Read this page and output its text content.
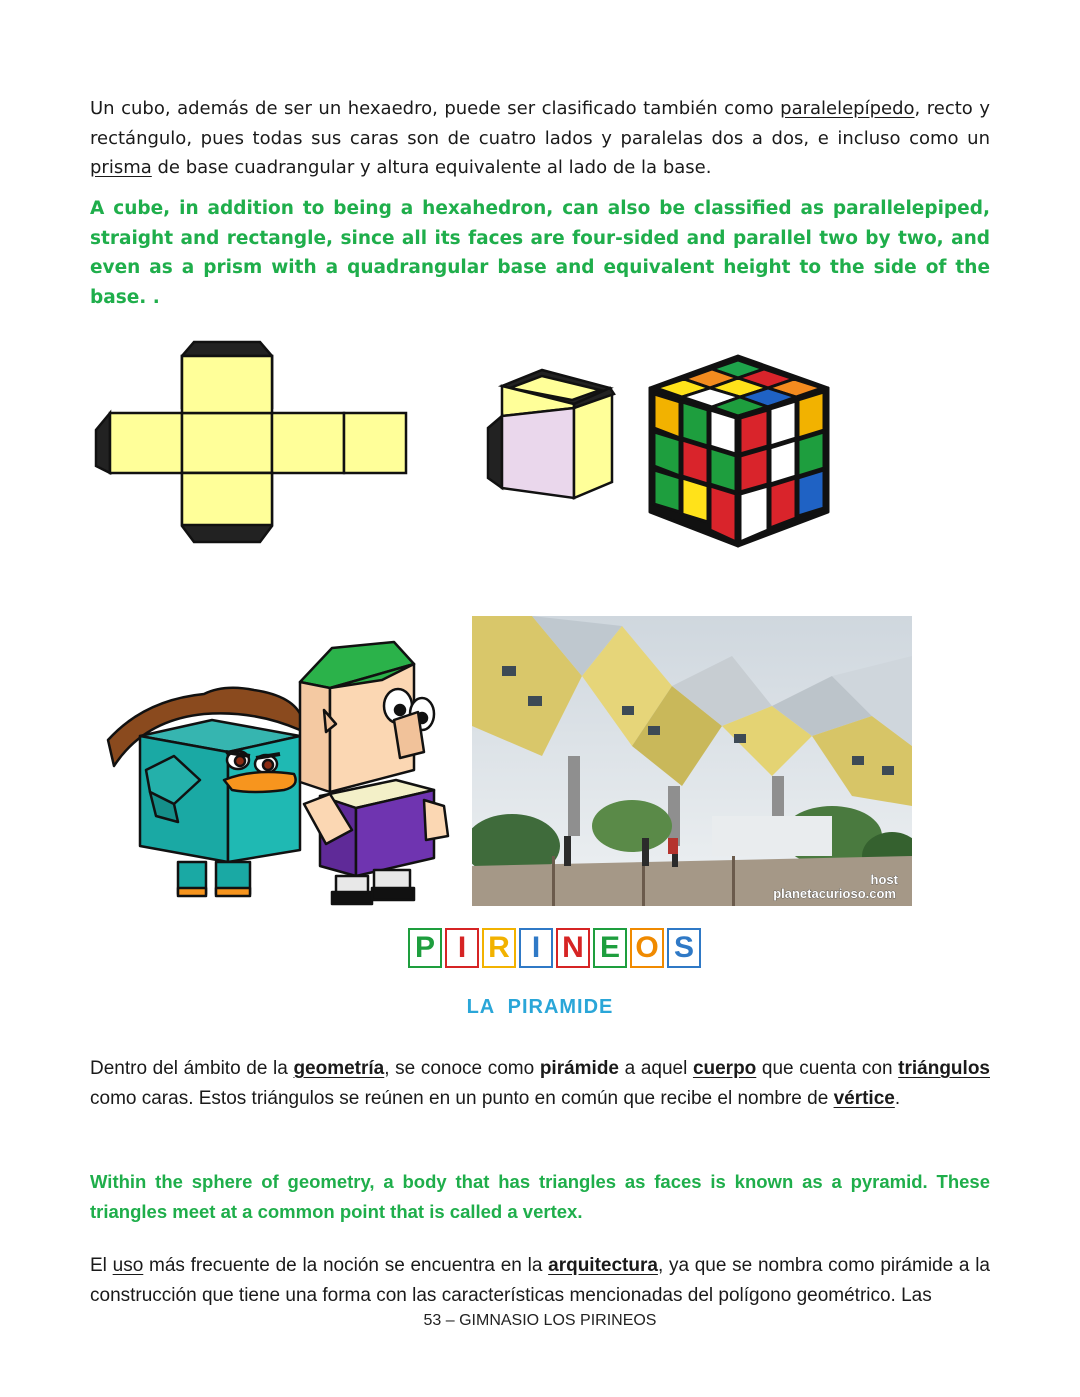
Un cubo, además de ser un hexaedro, puede ser clasificado también como paralelepípedo, recto y rectángulo, pues todas sus caras son de cuatro lados y paralelas dos a dos, e incluso como un prisma de base cuadrangular y altura equivalente al lado de la base.

A cube, in addition to being a hexahedron, can also be classified as parallelepiped, straight and rectangle, since all its faces are four-sided and parallel two by two, and even as a prism with a quadrangular base and equivalent height to the side of the base. .

host
planetacurioso.com
P I R I N E O S
LA  PIRAMIDE

Dentro del ámbito de la geometría, se conoce como pirámide a aquel cuerpo que cuenta con triángulos como caras. Estos triángulos se reúnen en un punto en común que recibe el nombre de vértice.

Within the sphere of geometry, a body that has triangles as faces is known as a pyramid. These triangles meet at a common point that is called a vertex.

El uso más frecuente de la noción se encuentra en la arquitectura, ya que se nombra como pirámide a la construcción que tiene una forma con las características mencionadas del polígono geométrico. Las

53 – GIMNASIO LOS PIRINEOS
